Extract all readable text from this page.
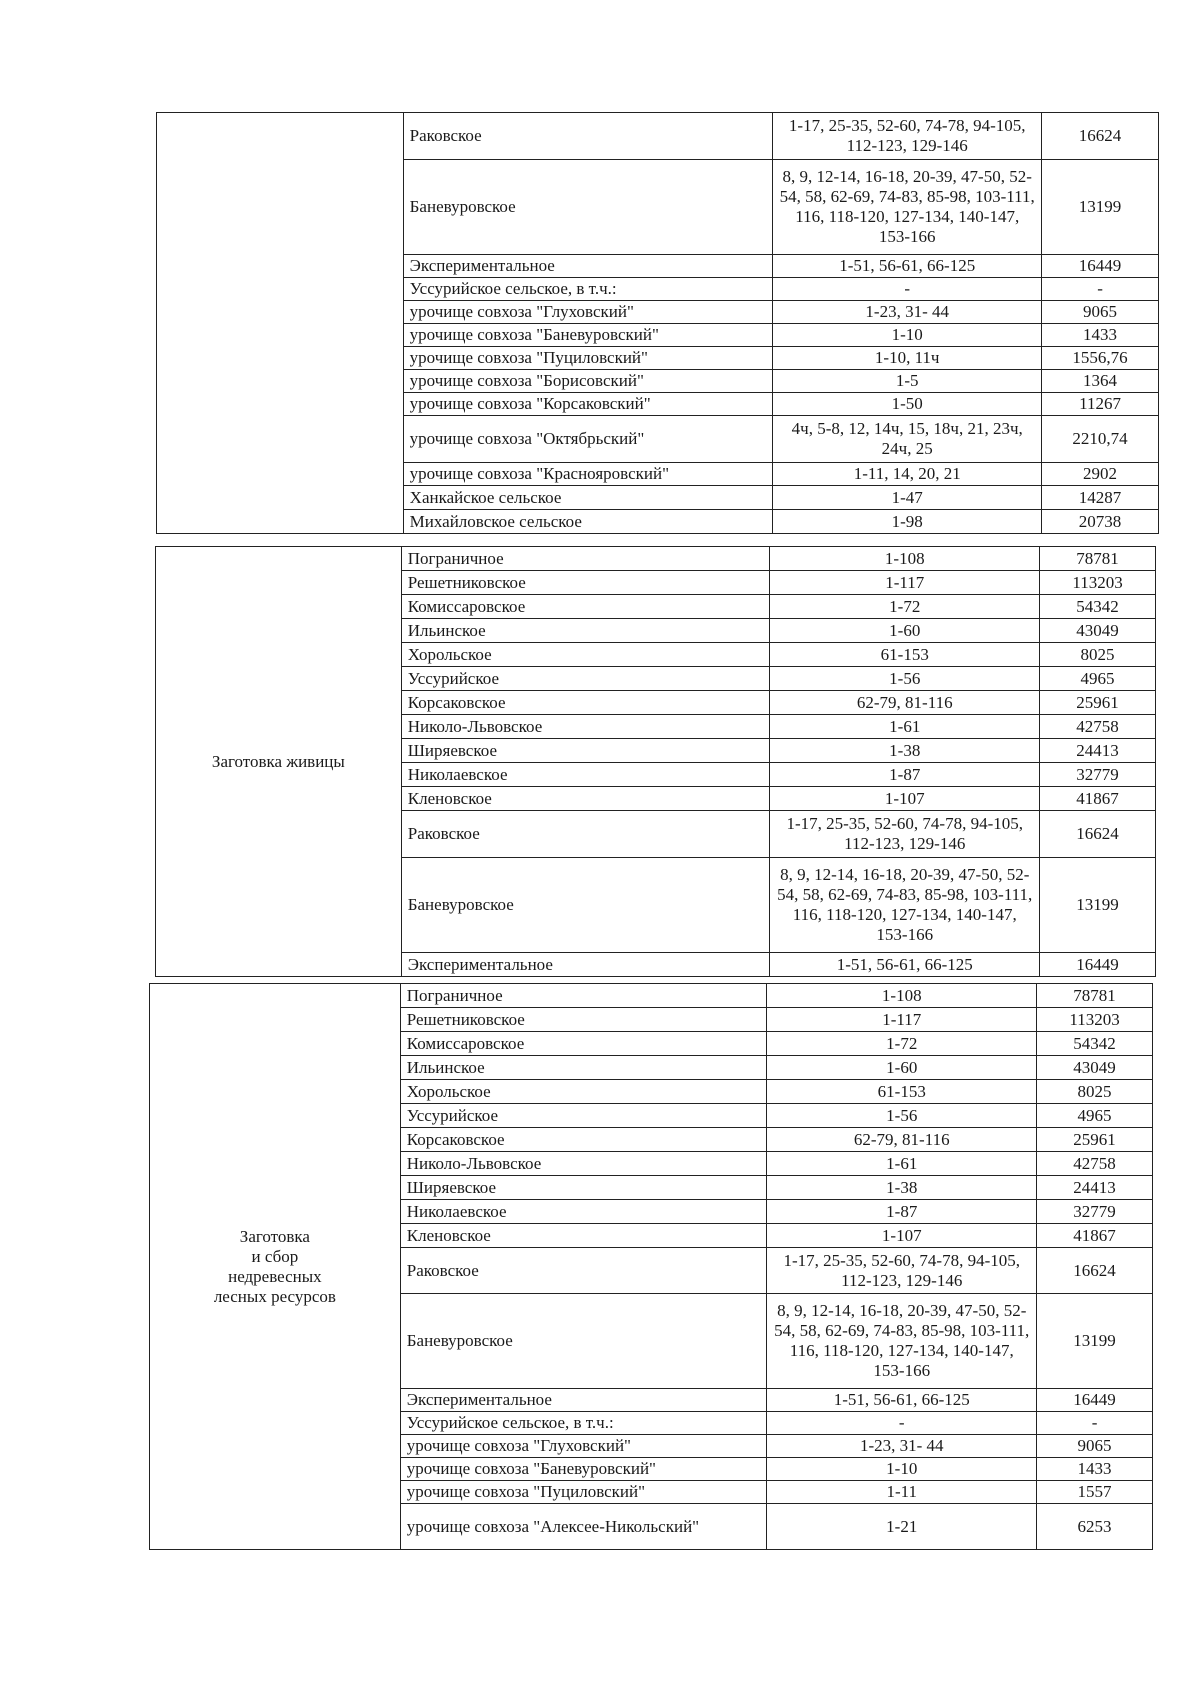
	Раковское	1-17, 25-35, 52-60, 74-78, 94-105, 112-123, 129-146	16624
	Баневуровское	8, 9, 12-14, 16-18, 20-39, 47-50, 52-54, 58, 62-69, 74-83, 85-98, 103-111, 116, 118-120, 127-134, 140-147, 153-166	13199
	Экспериментальное	1-51, 56-61, 66-125	16449
	Уссурийское сельское, в т.ч.:	-	-
	урочище совхоза "Глуховский"	1-23, 31- 44	9065
	урочище совхоза "Баневуровский"	1-10	1433
	урочище совхоза "Пуциловский"	1-10, 11ч	1556,76
	урочище совхоза "Борисовский"	1-5	1364
	урочище совхоза "Корсаковский"	1-50	11267
	урочище совхоза "Октябрьский"	4ч, 5-8, 12, 14ч, 15, 18ч, 21, 23ч, 24ч, 25	2210,74
	урочище совхоза "Краснояровский"	1-11, 14, 20, 21	2902
	Ханкайское сельское	1-47	14287
	Михайловское сельское	1-98	20738
Заготовка живицы	Пограничное	1-108	78781
	Решетниковское	1-117	113203
	Комиссаровское	1-72	54342
	Ильинское	1-60	43049
	Хорольское	61-153	8025
	Уссурийское	1-56	4965
	Корсаковское	62-79, 81-116	25961
	Николо-Львовское	1-61	42758
	Ширяевское	1-38	24413
	Николаевское	1-87	32779
	Кленовское	1-107	41867
	Раковское	1-17, 25-35, 52-60, 74-78, 94-105, 112-123, 129-146	16624
	Баневуровское	8, 9, 12-14, 16-18, 20-39, 47-50, 52-54, 58, 62-69, 74-83, 85-98, 103-111, 116, 118-120, 127-134, 140-147, 153-166	13199
	Экспериментальное	1-51, 56-61, 66-125	16449
Заготовка
и сбор
недревесных
лесных ресурсов	Пограничное	1-108	78781
	Решетниковское	1-117	113203
	Комиссаровское	1-72	54342
	Ильинское	1-60	43049
	Хорольское	61-153	8025
	Уссурийское	1-56	4965
	Корсаковское	62-79, 81-116	25961
	Николо-Львовское	1-61	42758
	Ширяевское	1-38	24413
	Николаевское	1-87	32779
	Кленовское	1-107	41867
	Раковское	1-17, 25-35, 52-60, 74-78, 94-105, 112-123, 129-146	16624
	Баневуровское	8, 9, 12-14, 16-18, 20-39, 47-50, 52-54, 58, 62-69, 74-83, 85-98, 103-111, 116, 118-120, 127-134, 140-147, 153-166	13199
	Экспериментальное	1-51, 56-61, 66-125	16449
	Уссурийское сельское, в т.ч.:	-	-
	урочище совхоза "Глуховский"	1-23, 31- 44	9065
	урочище совхоза "Баневуровский"	1-10	1433
	урочище совхоза "Пуциловский"	1-11	1557
	урочище совхоза "Алексее-Никольский"	1-21	6253
